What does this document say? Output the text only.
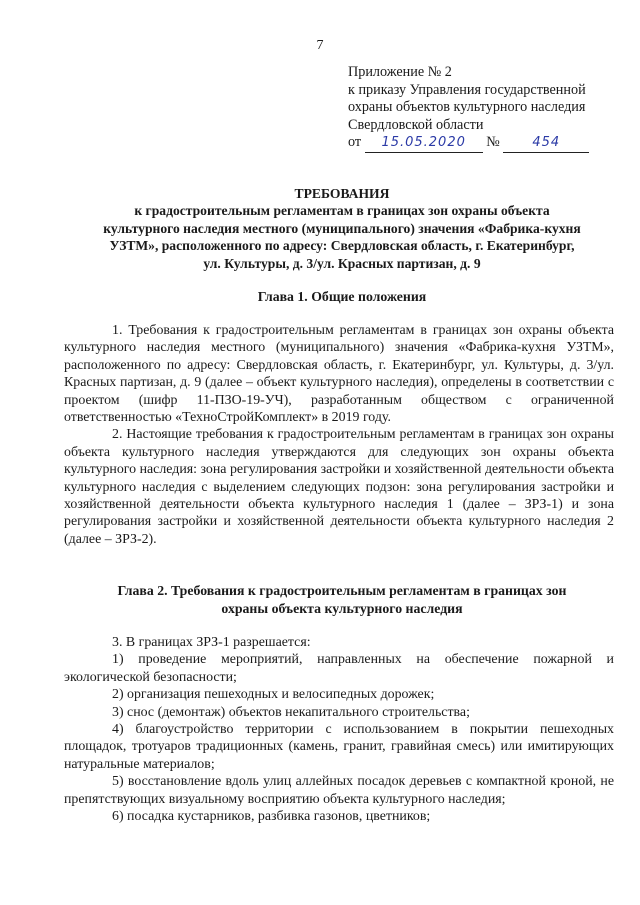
7
Приложение № 2
к приказу Управления государственной
охраны объектов культурного наследия
Свердловской области
от 15.05.2020 №	454
ТРЕБОВАНИЯ
к градостроительным регламентам в границах зон охраны объекта
культурного наследия местного (муниципального) значения «Фабрика-кухня
УЗТМ», расположенного по адресу: Свердловская область, г. Екатеринбург,
ул. Культуры, д. 3/ул. Красных партизан, д. 9
Глава 1. Общие положения

1. Требования к градостроительным регламентам в границах зон охраны объекта культурного наследия местного (муниципального) значения «Фабрика-кухня УЗТМ», расположенного по адресу: Свердловская область, г. Екатеринбург, ул. Культуры, д. 3/ул. Красных партизан, д. 9 (далее – объект культурного наследия), определены в соответствии с проектом (шифр 11-ПЗО-19-УЧ), разработанным обществом с ограниченной ответственностью «ТехноСтройКомплект» в 2019 году.

2. Настоящие требования к градостроительным регламентам в границах зон охраны объекта культурного наследия утверждаются для следующих зон охраны объекта культурного наследия: зона регулирования застройки и хозяйственной деятельности объекта культурного наследия с выделением следующих подзон: зона регулирования застройки и хозяйственной деятельности объекта культурного наследия 1 (далее – ЗРЗ-1) и зона регулирования застройки и хозяйственной деятельности объекта культурного наследия 2 (далее – ЗРЗ-2).

Глава 2. Требования к градостроительным регламентам в границах зон
охраны объекта культурного наследия

3. В границах ЗРЗ-1 разрешается:

1) проведение мероприятий, направленных на обеспечение пожарной и экологической безопасности;

2) организация пешеходных и велосипедных дорожек;

3) снос (демонтаж) объектов некапитального строительства;

4) благоустройство территории с использованием в покрытии пешеходных площадок, тротуаров традиционных (камень, гранит, гравийная смесь) или имитирующих натуральные материалов;

5) восстановление вдоль улиц аллейных посадок деревьев с компактной кроной, не препятствующих визуальному восприятию объекта культурного наследия;

6) посадка кустарников, разбивка газонов, цветников;
